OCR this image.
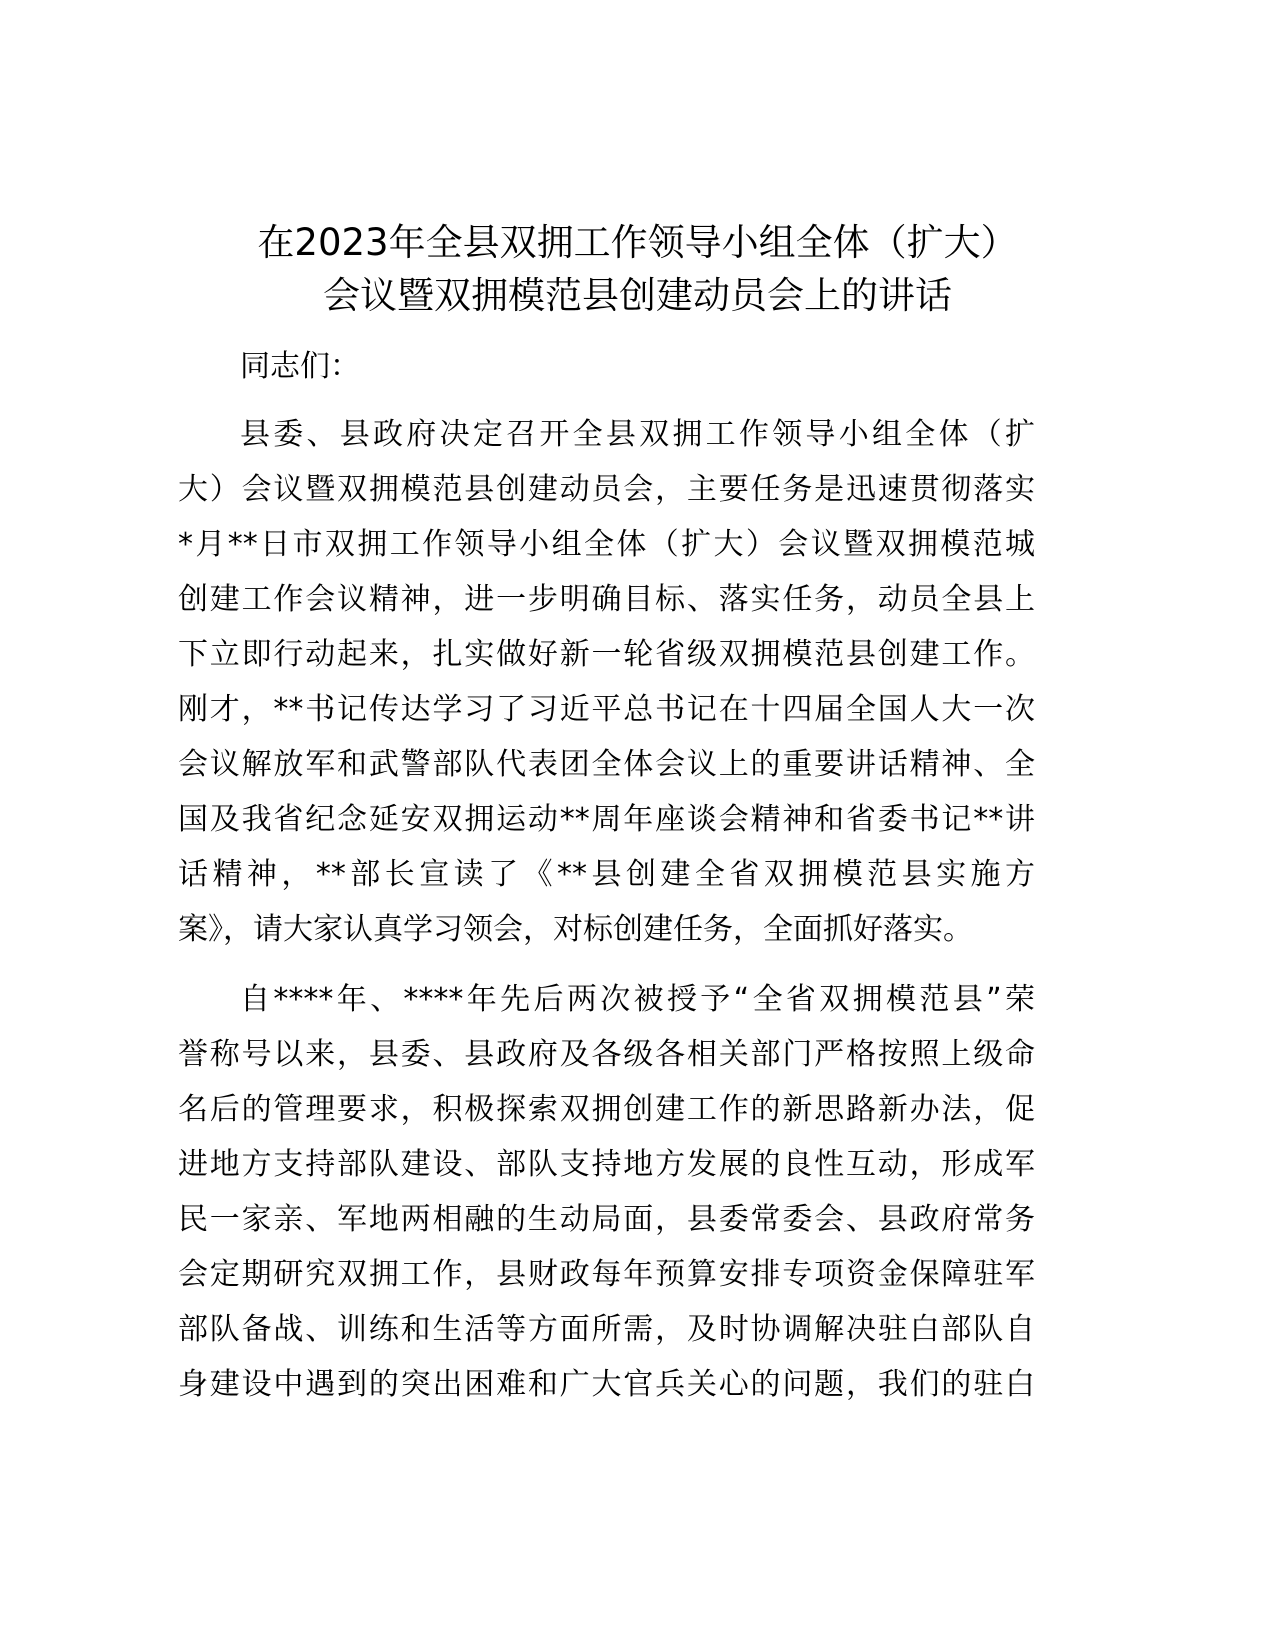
在2023年全县双拥工作领导小组全体（扩大）
会议暨双拥模范县创建动员会上的讲话
同志们：
县委、县政府决定召开全县双拥工作领导小组全体（扩
大）会议暨双拥模范县创建动员会，主要任务是迅速贯彻落实
*月**日市双拥工作领导小组全体（扩大）会议暨双拥模范城
创建工作会议精神，进一步明确目标、落实任务，动员全县上
下立即行动起来，扎实做好新一轮省级双拥模范县创建工作。
刚才，**书记传达学习了习近平总书记在十四届全国人大一次
会议解放军和武警部队代表团全体会议上的重要讲话精神、全
国及我省纪念延安双拥运动**周年座谈会精神和省委书记**讲
话精神，**部长宣读了《**县创建全省双拥模范县实施方
案》，请大家认真学习领会，对标创建任务，全面抓好落实。
自****年、****年先后两次被授予“全省双拥模范县”荣
誉称号以来，县委、县政府及各级各相关部门严格按照上级命
名后的管理要求，积极探索双拥创建工作的新思路新办法，促
进地方支持部队建设、部队支持地方发展的良性互动，形成军
民一家亲、军地两相融的生动局面，县委常委会、县政府常务
会定期研究双拥工作，县财政每年预算安排专项资金保障驻军
部队备战、训练和生活等方面所需，及时协调解决驻白部队自
身建设中遇到的突出困难和广大官兵关心的问题，我们的驻白
